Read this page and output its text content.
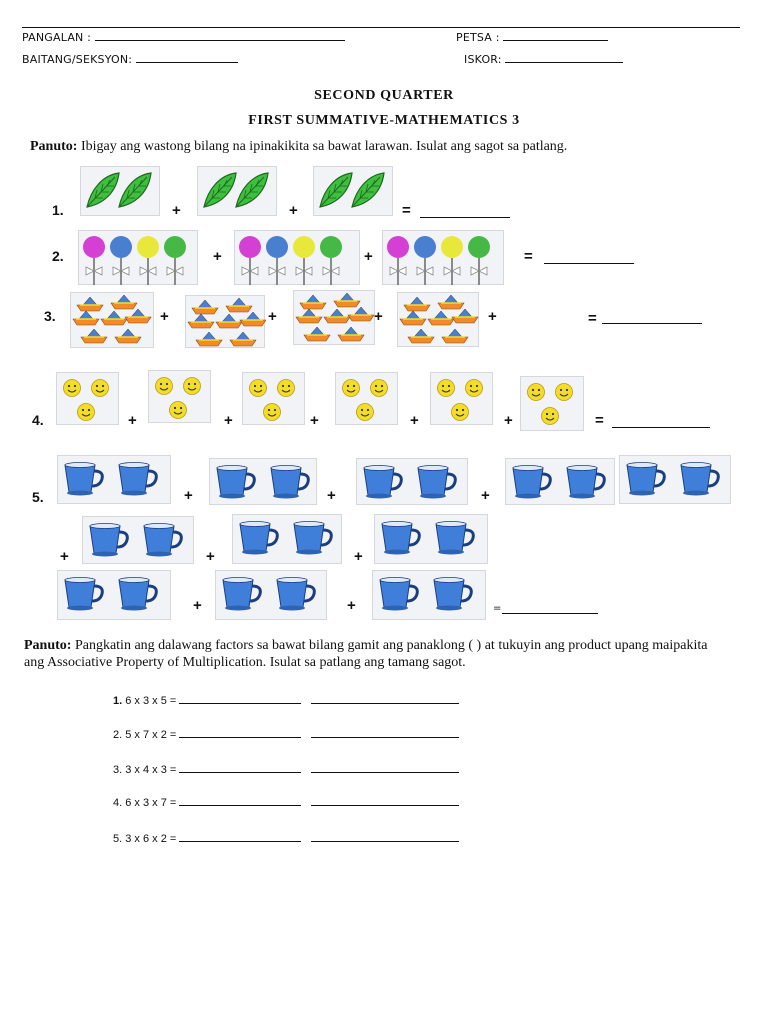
PANGALAN :	PETSA :
BAITANG/SEKSYON:	ISKOR:
SECOND QUARTER
FIRST SUMMATIVE-MATHEMATICS 3
Panuto: Ibigay ang wastong bilang na ipinakikita sa bawat larawan. Isulat ang sagot sa patlang.
1.	+	+	=
2.	+	+	=
3.	+	+	+	+	=
4.	+	+	+	+	+	=
5.	+	+	+
+	+	+
+	+	=
Panuto: Pangkatin ang dalawang factors sa bawat bilang gamit ang panaklong ( ) at tukuyin ang product upang maipakita ang Associative Property of Multiplication. Isulat sa patlang ang tamang sagot.
1. 6 x 3 x 5 =
2. 5 x 7 x 2 =
3. 3 x 4 x 3 =
4. 6 x 3 x 7 =
5. 3 x 6 x 2 =
